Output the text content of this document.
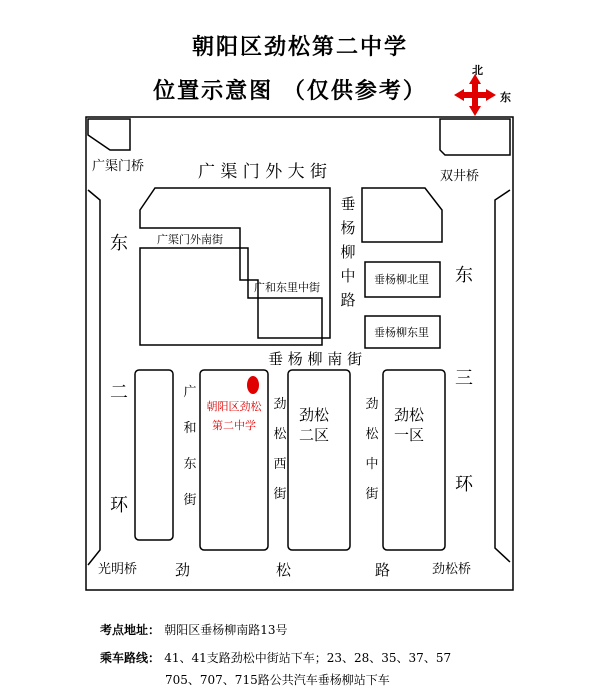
朝阳区劲松第二中学
位置示意图 （仅供参考）
广 渠 门 外 大 街
广渠门外南街
广和东里中街
垂杨柳中路
垂 杨 柳 南 街
广和东街
劲松西街
劲松中街
东
二
环
东
三
环
劲	松	路
广渠门桥
双井桥
光明桥	劲松桥
垂杨柳北里
垂杨柳东里
劲松二区
劲松一区
朝阳区劲松第二中学
北
东
考点地址： 朝阳区垂杨柳南路13号
乘车路线： 41、41支路劲松中街站下车；23、28、35、37、57
705、707、715路公共汽车垂杨柳站下车
